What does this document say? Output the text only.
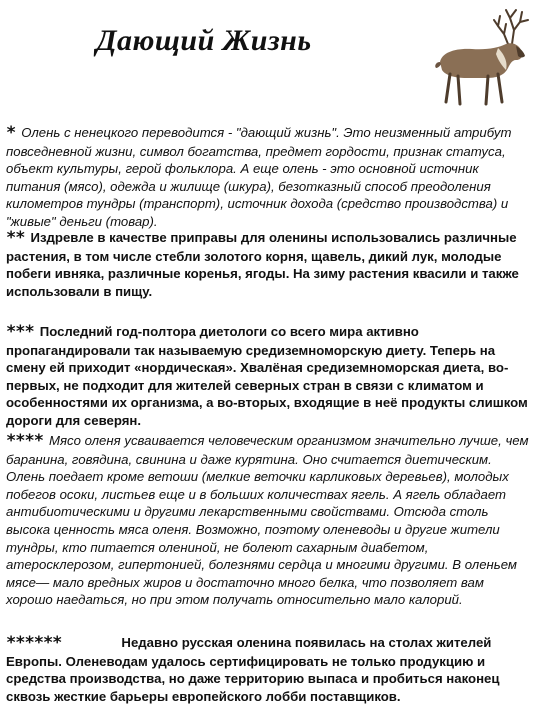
Дающий Жизнь

* Олень с ненецкого переводится - "дающий жизнь". Это неизменный атрибут повседневной жизни, символ богатства, предмет гордости, признак статуса, объект культуры, герой фольклора. А еще олень - это основной источник питания (мясо), одежда и жилище (шкура), безотказный способ преодоления километров тундры (транспорт), источник дохода (средство производства) и "живые" деньги (товар).

** Издревле в качестве приправы для оленины использовались различные растения, в том числе стебли золотого корня, щавель, дикий лук, молодые побеги ивняка, различные коренья, ягоды. На зиму растения квасили и также использовали в пищу.

*** Последний год-полтора диетологи со всего мира активно пропагандировали так называемую средиземноморскую диету. Теперь на смену ей приходит «нордическая». Хвалёная средиземноморская диета, во-первых, не подходит для жителей северных стран в связи с климатом и особенностями их организма, а во-вторых, входящие в неё продукты слишком дороги для северян.

**** Мясо оленя усваивается человеческим организмом значительно лучше, чем баранина, говядина, свинина и даже курятина. Оно считается диетическим. Олень поедает кроме ветоши (мелкие веточки карликовых деревьев), молодых побегов осоки, листьев еще и в больших количествах ягель. А ягель обладает антибиотическими и другими лекарственными свойствами. Отсюда столь высока ценность мяса оленя. Возможно, поэтому оленеводы и другие жители тундры, кто питается олениной, не болеют сахарным диабетом, атеросклерозом, гипертонией, болезнями сердца и многими другими. В оленьем мясе— мало вредных жиров и достаточно много белка, что позволяет вам хорошо наедаться, но при этом получать относительно мало калорий.

******	Недавно русская оленина появилась на столах жителей Европы. Оленеводам удалось сертифицировать не только продукцию и средства производства, но даже территорию выпаса и пробиться наконец сквозь жесткие барьеры европейского лобби поставщиков.
